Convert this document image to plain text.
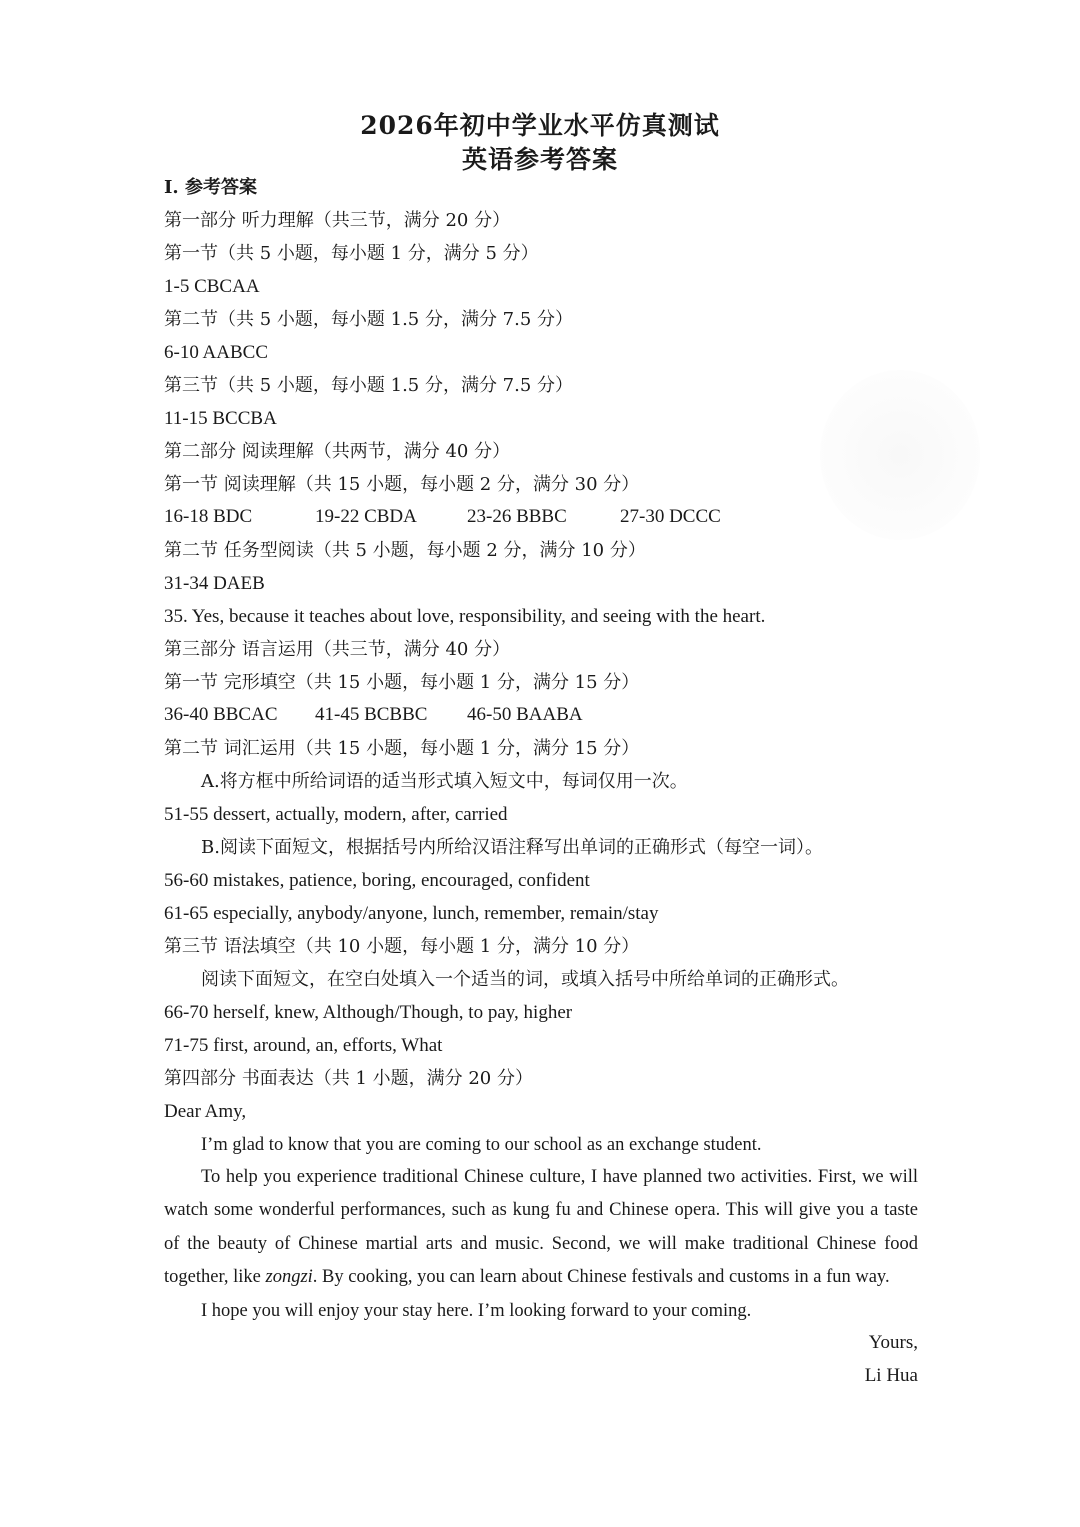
2026年初中学业水平仿真测试
英语参考答案
I. 参考答案
第一部分 听力理解（共三节，满分 20 分）
第一节（共 5 小题，每小题 1 分，满分 5 分）
1-5 CBCAA
第二节（共 5 小题，每小题 1.5 分，满分 7.5 分）
6-10 AABCC
第三节（共 5 小题，每小题 1.5 分，满分 7.5 分）
11-15 BCCBA
第二部分 阅读理解（共两节，满分 40 分）
第一节 阅读理解（共 15 小题，每小题 2 分，满分 30 分）
16-18 BDC	19-22 CBDA	23-26 BBBC	27-30 DCCC
第二节 任务型阅读（共 5 小题，每小题 2 分，满分 10 分）
31-34 DAEB
35. Yes, because it teaches about love, responsibility, and seeing with the heart.
第三部分 语言运用（共三节，满分 40 分）
第一节 完形填空（共 15 小题，每小题 1 分，满分 15 分）
36-40 BBCAC 41-45 BCBBC 46-50 BAABA
第二节 词汇运用（共 15 小题，每小题 1 分，满分 15 分）
A.将方框中所给词语的适当形式填入短文中，每词仅用一次。
51-55 dessert, actually, modern, after, carried
B.阅读下面短文，根据括号内所给汉语注释写出单词的正确形式（每空一词）。
56-60 mistakes, patience, boring, encouraged, confident
61-65 especially, anybody/anyone, lunch, remember, remain/stay
第三节 语法填空（共 10 小题，每小题 1 分，满分 10 分）
阅读下面短文，在空白处填入一个适当的词，或填入括号中所给单词的正确形式。
66-70 herself, knew, Although/Though, to pay, higher
71-75 first, around, an, efforts, What
第四部分 书面表达（共 1 小题，满分 20 分）
Dear Amy,
I’m glad to know that you are coming to our school as an exchange student.
To help you experience traditional Chinese culture, I have planned two activities. First, we will watch some wonderful performances, such as kung fu and Chinese opera. This will give you a taste of the beauty of Chinese martial arts and music. Second, we will make traditional Chinese food together, like zongzi. By cooking, you can learn about Chinese festivals and customs in a fun way.
I hope you will enjoy your stay here. I’m looking forward to your coming.
Yours,
Li Hua
